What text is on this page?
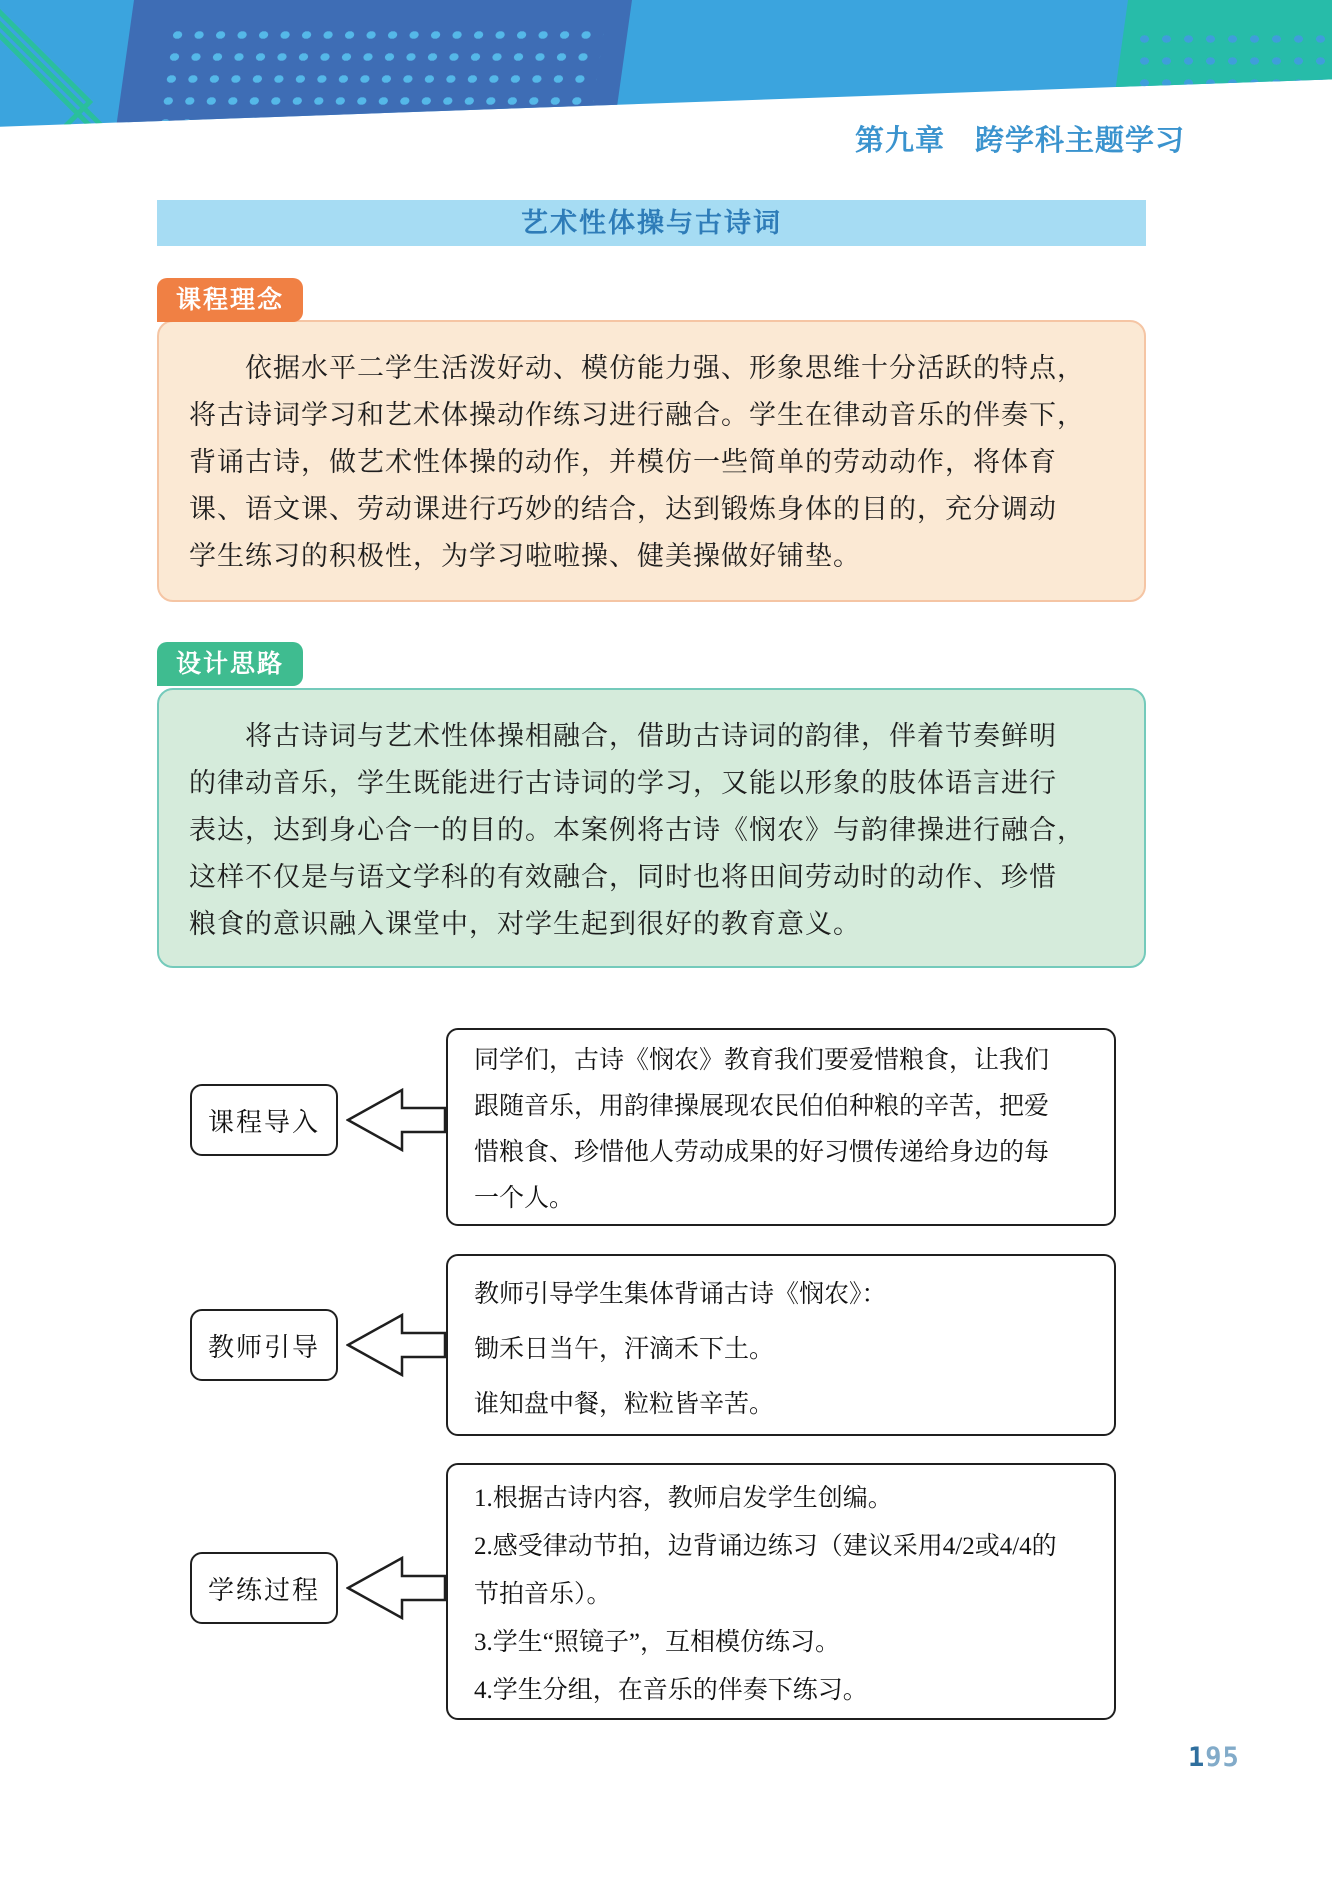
第九章　跨学科主题学习
艺术性体操与古诗词
课程理念
　　依据水平二学生活泼好动、模仿能力强、形象思维十分活跃的特点，
将古诗词学习和艺术体操动作练习进行融合。学生在律动音乐的伴奏下，
背诵古诗，做艺术性体操的动作，并模仿一些简单的劳动动作，将体育
课、语文课、劳动课进行巧妙的结合，达到锻炼身体的目的，充分调动
学生练习的积极性，为学习啦啦操、健美操做好铺垫。
设计思路
　　将古诗词与艺术性体操相融合，借助古诗词的韵律，伴着节奏鲜明
的律动音乐，学生既能进行古诗词的学习，又能以形象的肢体语言进行
表达，达到身心合一的目的。本案例将古诗《悯农》与韵律操进行融合，
这样不仅是与语文学科的有效融合，同时也将田间劳动时的动作、珍惜
粮食的意识融入课堂中，对学生起到很好的教育意义。
课程导入
同学们，古诗《悯农》教育我们要爱惜粮食，让我们
跟随音乐，用韵律操展现农民伯伯种粮的辛苦，把爱
惜粮食、珍惜他人劳动成果的好习惯传递给身边的每
一个人。
教师引导
教师引导学生集体背诵古诗《悯农》：
锄禾日当午，汗滴禾下土。
谁知盘中餐，粒粒皆辛苦。
学练过程
1.根据古诗内容，教师启发学生创编。
2.感受律动节拍，边背诵边练习（建议采用4/2或4/4的
节拍音乐）。
3.学生“照镜子”，互相模仿练习。
4.学生分组，在音乐的伴奏下练习。
195
